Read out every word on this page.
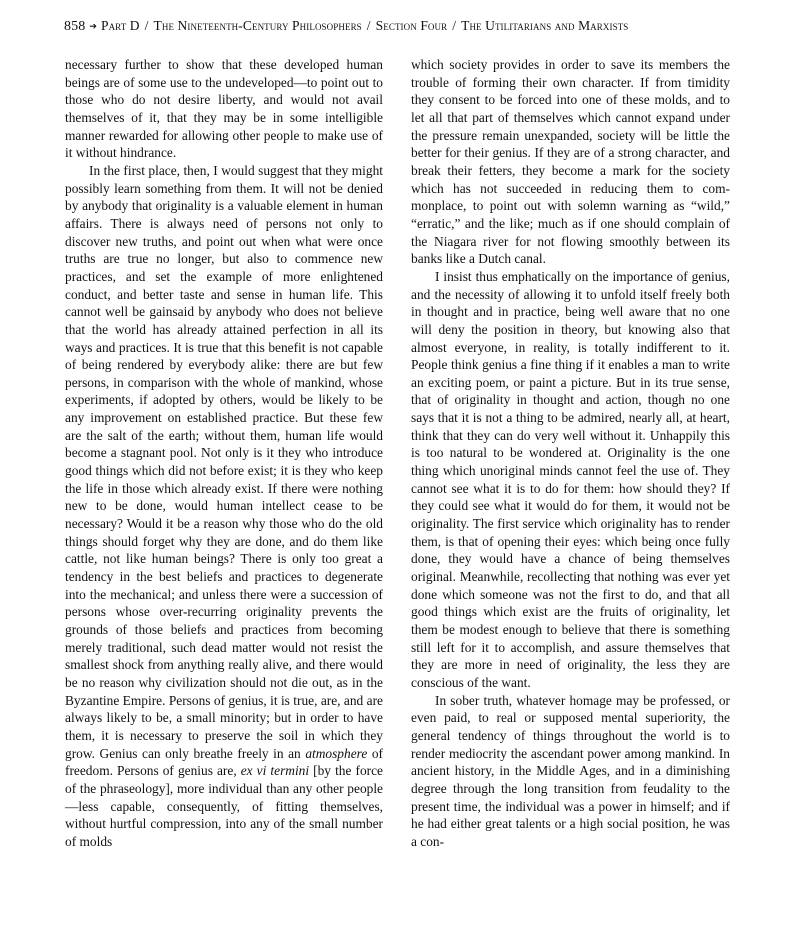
858 ➔ Part D / The Nineteenth-Century Philosophers / Section Four / The Utilitarians and Marxists

necessary further to show that these developed human beings are of some use to the undeveloped—to point out to those who do not desire liberty, and would not avail themselves of it, that they may be in some intelligible manner rewarded for allowing other people to make use of it without hindrance.

In the first place, then, I would suggest that they might possibly learn something from them. It will not be denied by anybody that originality is a valuable element in human affairs. There is always need of persons not only to discover new truths, and point out when what were once truths are true no longer, but also to commence new practices, and set the example of more enlightened conduct, and better taste and sense in human life. This cannot well be gainsaid by anybody who does not believe that the world has already attained perfection in all its ways and practices. It is true that this benefit is not capable of being rendered by everybody alike: there are but few persons, in comparison with the whole of mankind, whose experiments, if adopted by others, would be likely to be any improvement on established practice. But these few are the salt of the earth; without them, human life would become a stagnant pool. Not only is it they who introduce good things which did not before exist; it is they who keep the life in those which already exist. If there were nothing new to be done, would human intellect cease to be necessary? Would it be a reason why those who do the old things should forget why they are done, and do them like cattle, not like human beings? There is only too great a tendency in the best beliefs and practices to degenerate into the mechanical; and unless there were a succession of persons whose over-recurring originality prevents the grounds of those beliefs and practices from becoming merely traditional, such dead matter would not resist the smallest shock from anything really alive, and there would be no reason why civilization should not die out, as in the Byzantine Empire. Persons of genius, it is true, are, and are always likely to be, a small minority; but in order to have them, it is necessary to preserve the soil in which they grow. Genius can only breathe freely in an atmosphere of freedom. Persons of genius are, ex vi termini [by the force of the phraseology], more individual than any other people—less capable, consequently, of fitting themselves, without hurtful compression, into any of the small number of molds

which society provides in order to save its members the trouble of forming their own character. If from timidity they consent to be forced into one of these molds, and to let all that part of themselves which cannot expand under the pressure remain unexpanded, society will be little the better for their genius. If they are of a strong character, and break their fetters, they become a mark for the society which has not succeeded in reducing them to commonplace, to point out with solemn warning as “wild,” “erratic,” and the like; much as if one should complain of the Niagara river for not flowing smoothly between its banks like a Dutch canal.

I insist thus emphatically on the importance of genius, and the necessity of allowing it to unfold itself freely both in thought and in practice, being well aware that no one will deny the position in theory, but knowing also that almost everyone, in reality, is totally indifferent to it. People think genius a fine thing if it enables a man to write an exciting poem, or paint a picture. But in its true sense, that of originality in thought and action, though no one says that it is not a thing to be admired, nearly all, at heart, think that they can do very well without it. Unhappily this is too natural to be wondered at. Originality is the one thing which unoriginal minds cannot feel the use of. They cannot see what it is to do for them: how should they? If they could see what it would do for them, it would not be originality. The first service which originality has to render them, is that of opening their eyes: which being once fully done, they would have a chance of being themselves original. Meanwhile, recollecting that nothing was ever yet done which someone was not the first to do, and that all good things which exist are the fruits of originality, let them be modest enough to believe that there is something still left for it to accomplish, and assure themselves that they are more in need of originality, the less they are conscious of the want.

In sober truth, whatever homage may be professed, or even paid, to real or supposed mental superiority, the general tendency of things throughout the world is to render mediocrity the ascendant power among mankind. In ancient history, in the Middle Ages, and in a diminishing degree through the long transition from feudality to the present time, the individual was a power in himself; and if he had either great talents or a high social position, he was a con-
